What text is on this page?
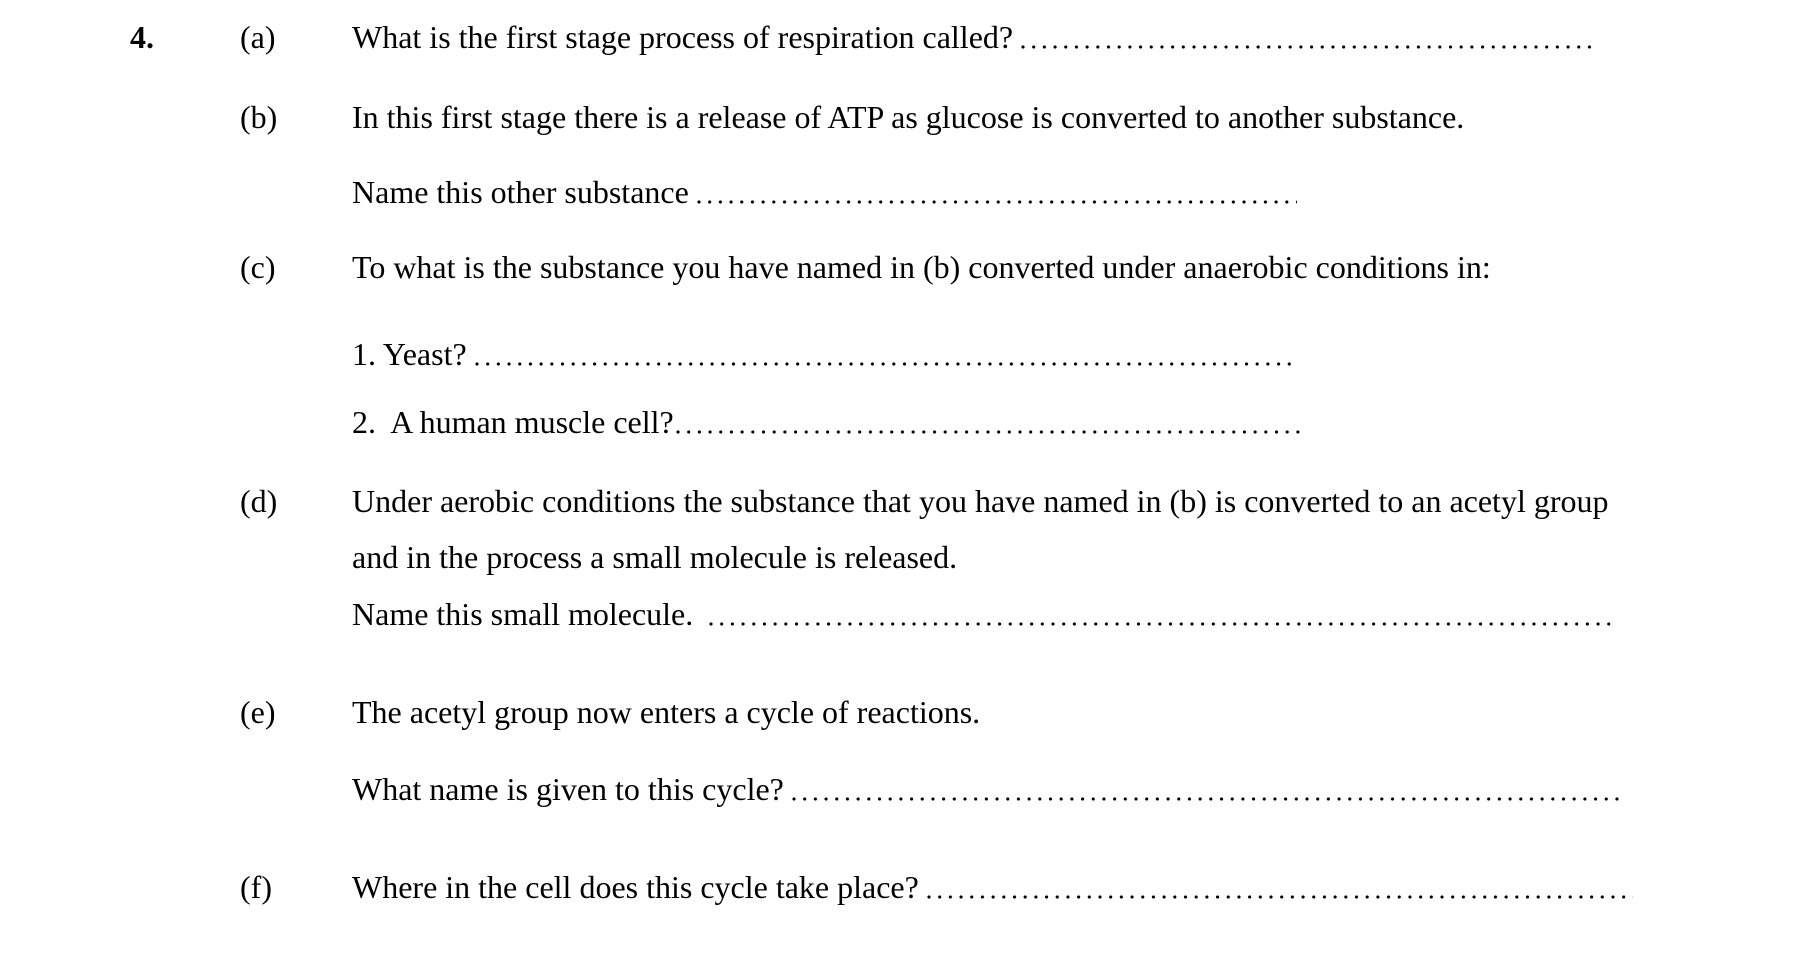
4.	(a) What is the first stage process of respiration called?
(b) In this first stage there is a release of ATP as glucose is converted to another substance.
Name this other substance
(c) To what is the substance you have named in (b) converted under anaerobic conditions in:
1. Yeast?
2.  A human muscle cell?
(d) Under aerobic conditions the substance that you have named in (b) is converted to an acetyl group
and in the process a small molecule is released.
Name this small molecule.
(e) The acetyl group now enters a cycle of reactions.
What name is given to this cycle?
(f)	Where in the cell does this cycle take place?
